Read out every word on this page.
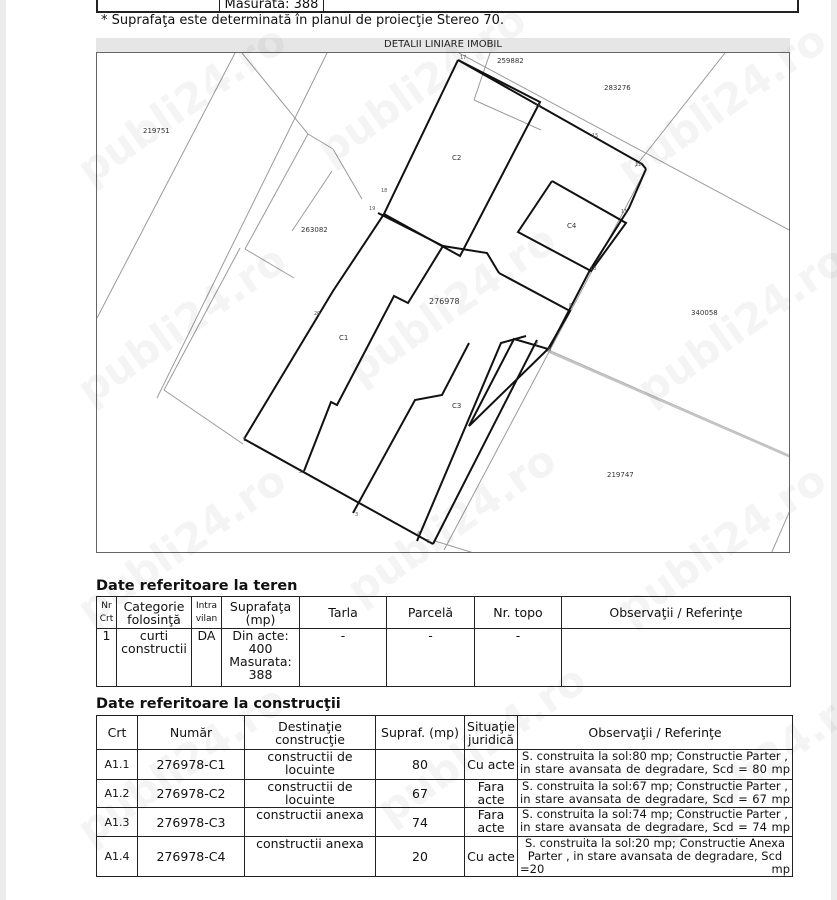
Masurata: 388
* Suprafaţa este determinată în planul de proiecţie Stereo 70.
DETALII LINIARE IMOBIL
219751
263082
259882
283276
340058
219747
C2
C4
276978
C1
C3
17
16
15
12
11
10
8
7
6
5
4
3
2
1
20
19
18
Date referitoare la teren
Nr Crt	Categorie folosinţă	Intra vilan	Suprafaţa (mp)	Tarla	Parcelă	Nr. topo	Observaţii / Referinţe
1	curti constructii	DA	Din acte: 400 Masurata: 388	-	-	-	
Date referitoare la construcţii
Crt	Număr	Destinaţie construcţie	Supraf. (mp)	Situaţie juridică	Observaţii / Referinţe
A1.1	276978-C1	constructii de locuinte	80	Cu acte	S. construita la sol:80 mp; Constructie Parter , in stare avansata de degradare, Scd = 80 mp
A1.2	276978-C2	constructii de locuinte	67	Fara acte	S. construita la sol:67 mp; Constructie Parter , in stare avansata de degradare, Scd = 67 mp
A1.3	276978-C3	constructii anexa	74	Fara acte	S. construita la sol:74 mp; Constructie Parter , in stare avansata de degradare, Scd = 74 mp
A1.4	276978-C4	constructii anexa	20	Cu acte	S. construita la sol:20 mp; Constructie Anexa Parter , in stare avansata de degradare, Scd =20 mp
